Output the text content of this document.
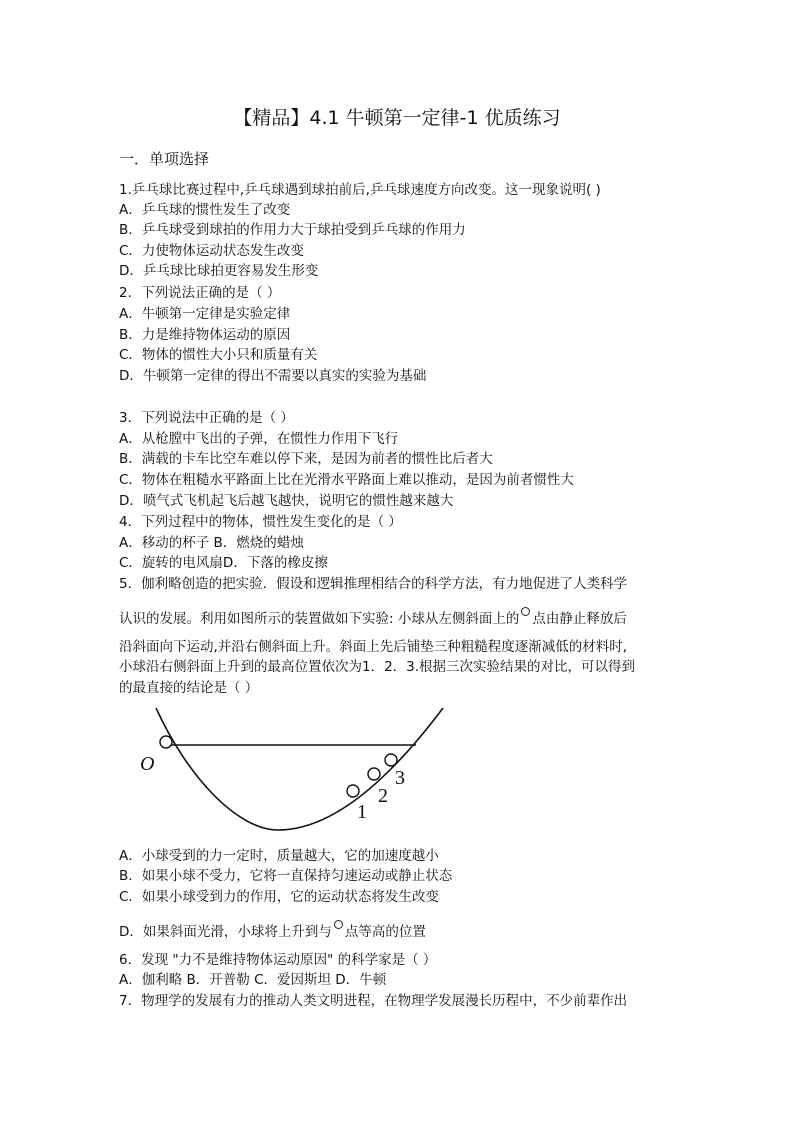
【精品】4.1 牛顿第一定律-1 优质练习
一．单项选择
1.乒乓球比赛过程中,乒乓球遇到球拍前后,乒乓球速度方向改变。这一现象说明( )
A．乒乓球的惯性发生了改变
B．乒乓球受到球拍的作用力大于球拍受到乒乓球的作用力
C．力使物体运动状态发生改变
D．乒乓球比球拍更容易发生形变
2．下列说法正确的是（ ）
A．牛顿第一定律是实验定律
B．力是维持物体运动的原因
C．物体的惯性大小只和质量有关
D．牛顿第一定律的得出不需要以真实的实验为基础
3．下列说法中正确的是（ ）
A．从枪膛中飞出的子弹，在惯性力作用下飞行
B．满载的卡车比空车难以停下来，是因为前者的惯性比后者大
C．物体在粗糙水平路面上比在光滑水平路面上难以推动，是因为前者惯性大
D．喷气式飞机起飞后越飞越快，说明它的惯性越来越大
4．下列过程中的物体，惯性发生变化的是（ ）
A．移动的杯子 B．燃烧的蜡烛
C．旋转的电风扇D．下落的橡皮擦
5．伽利略创造的把实验．假设和逻辑推理相结合的科学方法，有力地促进了人类科学
认识的发展。利用如图所示的装置做如下实验: 小球从左侧斜面上的 点由静止释放后
沿斜面向下运动,并沿右侧斜面上升。斜面上先后铺垫三种粗糙程度逐渐减低的材料时,
小球沿右侧斜面上升到的最高位置依次为1．2．3.根据三次实验结果的对比，可以得到
的最直接的结论是（ ）
O
1
2
3
A．小球受到的力一定时，质量越大，它的加速度越小
B．如果小球不受力，它将一直保持匀速运动或静止状态
C．如果小球受到力的作用，它的运动状态将发生改变
D．如果斜面光滑，小球将上升到与 点等高的位置
6．发现 "力不是维持物体运动原因" 的科学家是（ ）
A．伽利略 B．开普勒 C．爱因斯坦 D．牛顿
7．物理学的发展有力的推动人类文明进程，在物理学发展漫长历程中，不少前辈作出
